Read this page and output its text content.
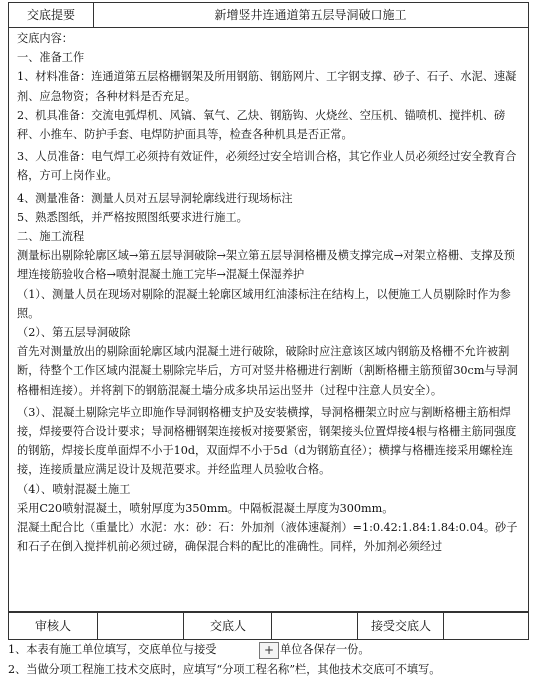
交底提要	新增竖井连通道第五层导洞破口施工

交底内容：

一、准备工作

1、材料准备：连通道第五层格栅钢架及所用钢筋、钢筋网片、工字钢支撑、砂子、石子、水泥、速凝剂、应急物资；各种材料是否充足。

2、机具准备：交流电弧焊机、风镐、氧气、乙炔、钢筋钩、火烧丝、空压机、锚喷机、搅拌机、磅秤、小推车、防护手套、电焊防护面具等，检查各种机具是否正常。

3、人员准备：电气焊工必须持有效证件，必须经过安全培训合格，其它作业人员必须经过安全教育合格，方可上岗作业。

4、测量准备：测量人员对五层导洞轮廓线进行现场标注

5、熟悉图纸，并严格按照图纸要求进行施工。

二、施工流程

测量标出剔除轮廓区域→第五层导洞破除→架立第五层导洞格栅及横支撑完成→对架立格栅、支撑及预埋连接筋验收合格→喷射混凝土施工完毕→混凝土保湿养护

（1）、测量人员在现场对剔除的混凝土轮廓区域用红油漆标注在结构上，以便施工人员剔除时作为参照。

（2）、第五层导洞破除

首先对测量放出的剔除面轮廓区域内混凝土进行破除，破除时应注意该区域内钢筋及格栅不允许被割断，待整个工作区域内混凝土剔除完毕后，方可对竖井格栅进行割断（割断格栅主筋预留30cm与导洞格栅相连接）。并将割下的钢筋混凝土墙分成多块吊运出竖井（过程中注意人员安全）。

（3）、混凝土剔除完毕立即施作导洞钢格栅支护及安装横撑，导洞格栅架立时应与割断格栅主筋相焊接，焊接要符合设计要求；导洞格栅钢架连接板对接要紧密，钢架接头位置焊接4根与格栅主筋同强度的钢筋，焊接长度单面焊不小于10d，双面焊不小于5d（d为钢筋直径）；横撑与格栅连接采用螺栓连接，连接质量应满足设计及规范要求。并经监理人员验收合格。

（4）、喷射混凝土施工

采用C20喷射混凝土，喷射厚度为350mm。中隔板混凝土厚度为300mm。

混凝土配合比（重量比）水泥：水：砂：石：外加剂（液体速凝剂）=1:0.42:1.84:1.84:0.04。砂子和石子在倒入搅拌机前必须过磅，确保混合料的配比的准确性。同样，外加剂必须经过

审核人	交底人	接受交底人
1、本表有施工单位填写，交底单位与接受	+ 单位各保存一份。
2、当做分项工程施工技术交底时，应填写“分项工程名称”栏，其他技术交底可不填写。
